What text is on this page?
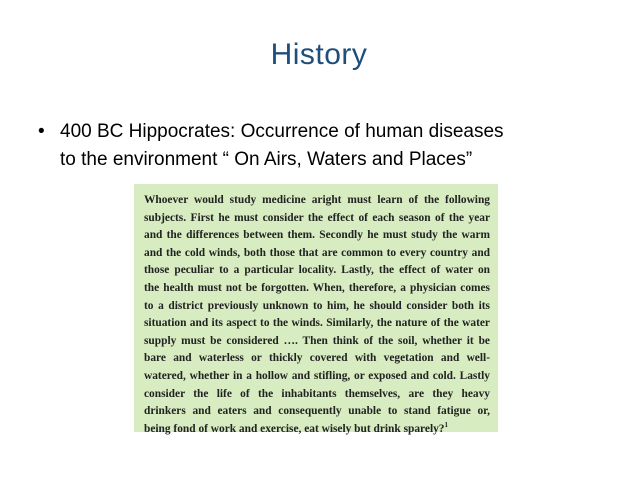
History
• 400 BC Hippocrates: Occurrence of human diseases
to the environment “ On Airs, Waters and Places”
Whoever would study medicine aright must learn of the following
subjects. First he must consider the effect of each season of the year
and the differences between them. Secondly he must study the warm
and the cold winds, both those that are common to every country and
those peculiar to a particular locality. Lastly, the effect of water on
the health must not be forgotten. When, therefore, a physician comes
to a district previously unknown to him, he should consider both its
situation and its aspect to the winds. Similarly, the nature of the water
supply must be considered …. Then think of the soil, whether it be
bare and waterless or thickly covered with vegetation and well-
watered, whether in a hollow and stifling, or exposed and cold. Lastly
consider the life of the inhabitants themselves, are they heavy
drinkers and eaters and consequently unable to stand fatigue or,
being fond of work and exercise, eat wisely but drink sparely?$^1$
